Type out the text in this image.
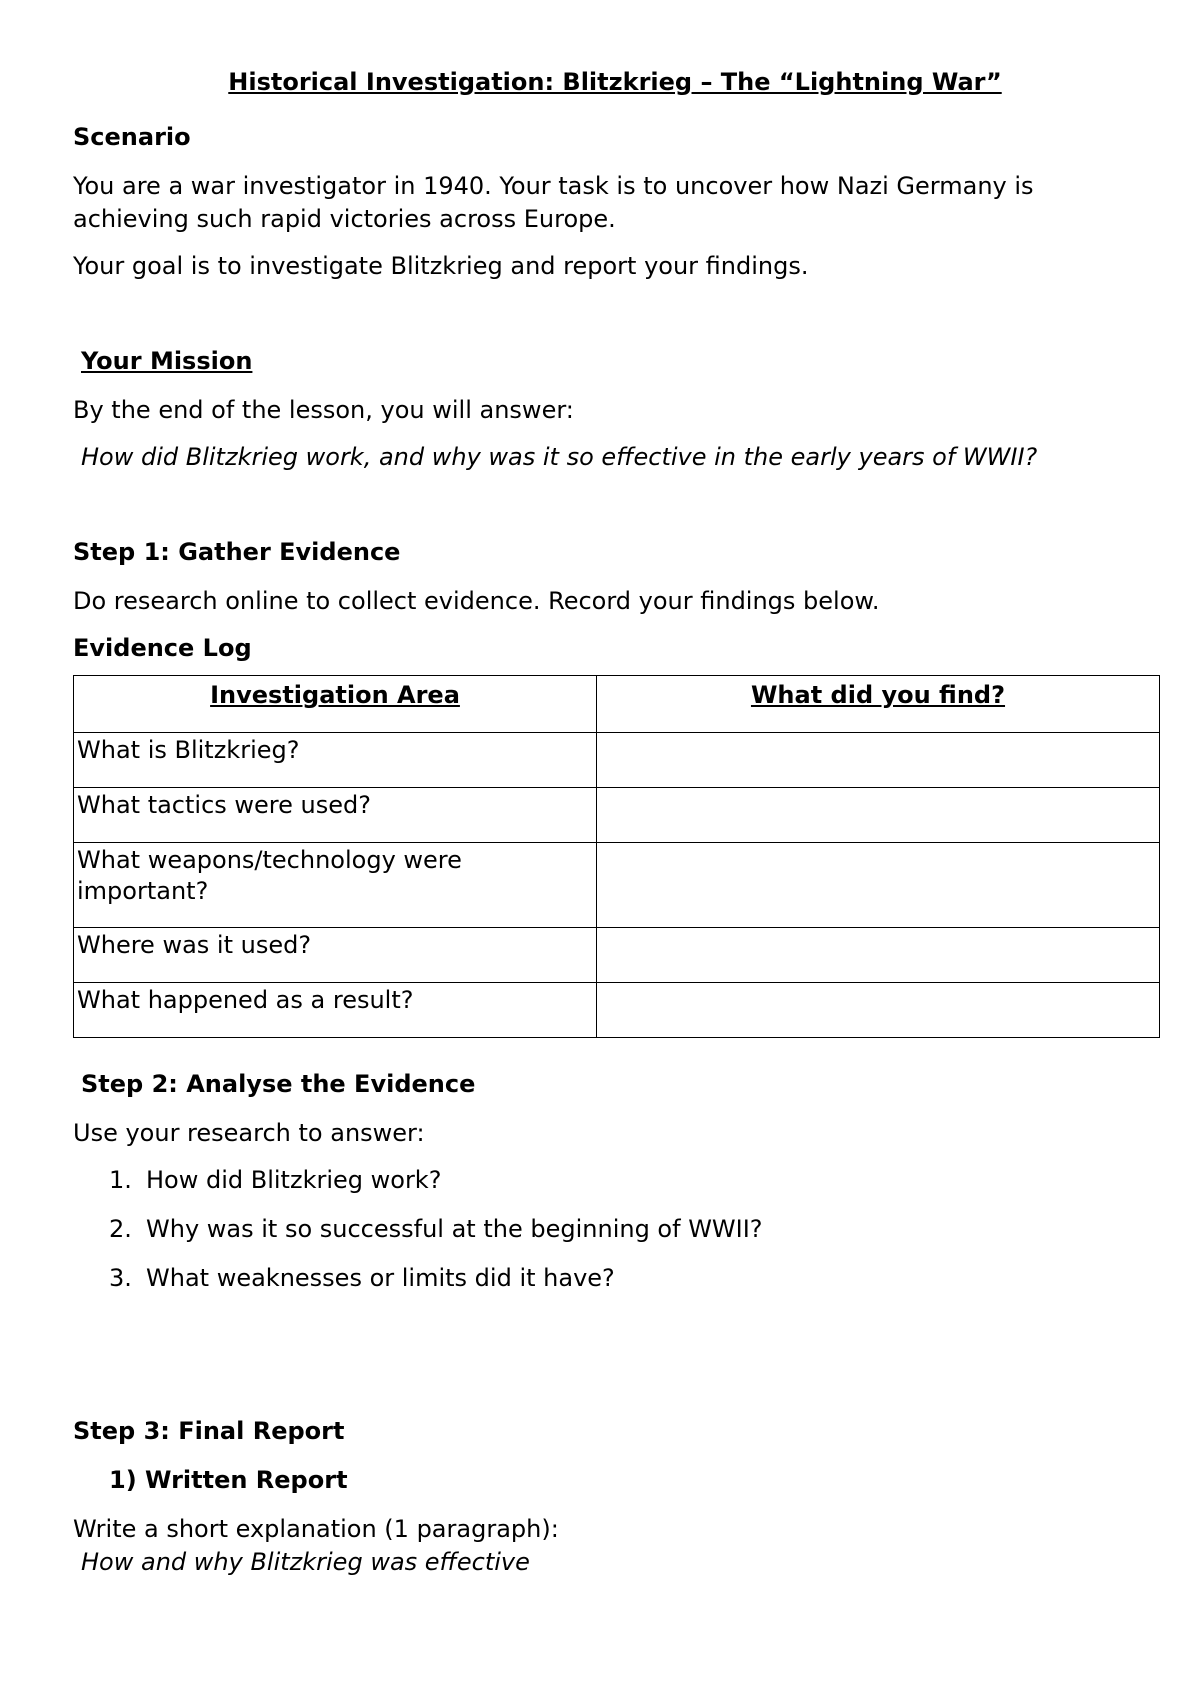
Historical Investigation: Blitzkrieg – The “Lightning War”
Scenario
You are a war investigator in 1940. Your task is to uncover how Nazi Germany is achieving such rapid victories across Europe.
Your goal is to investigate Blitzkrieg and report your findings.
Your Mission
By the end of the lesson, you will answer:
How did Blitzkrieg work, and why was it so effective in the early years of WWII?
Step 1: Gather Evidence
Do research online to collect evidence. Record your findings below.
Evidence Log
Investigation Area	What did you find?
What is Blitzkrieg?	
What tactics were used?	
What weapons/technology were important?	
Where was it used?	
What happened as a result?	
Step 2: Analyse the Evidence
Use your research to answer:
1. How did Blitzkrieg work?
2. Why was it so successful at the beginning of WWII?
3. What weaknesses or limits did it have?
Step 3: Final Report
1) Written Report
Write a short explanation (1 paragraph):
How and why Blitzkrieg was effective
